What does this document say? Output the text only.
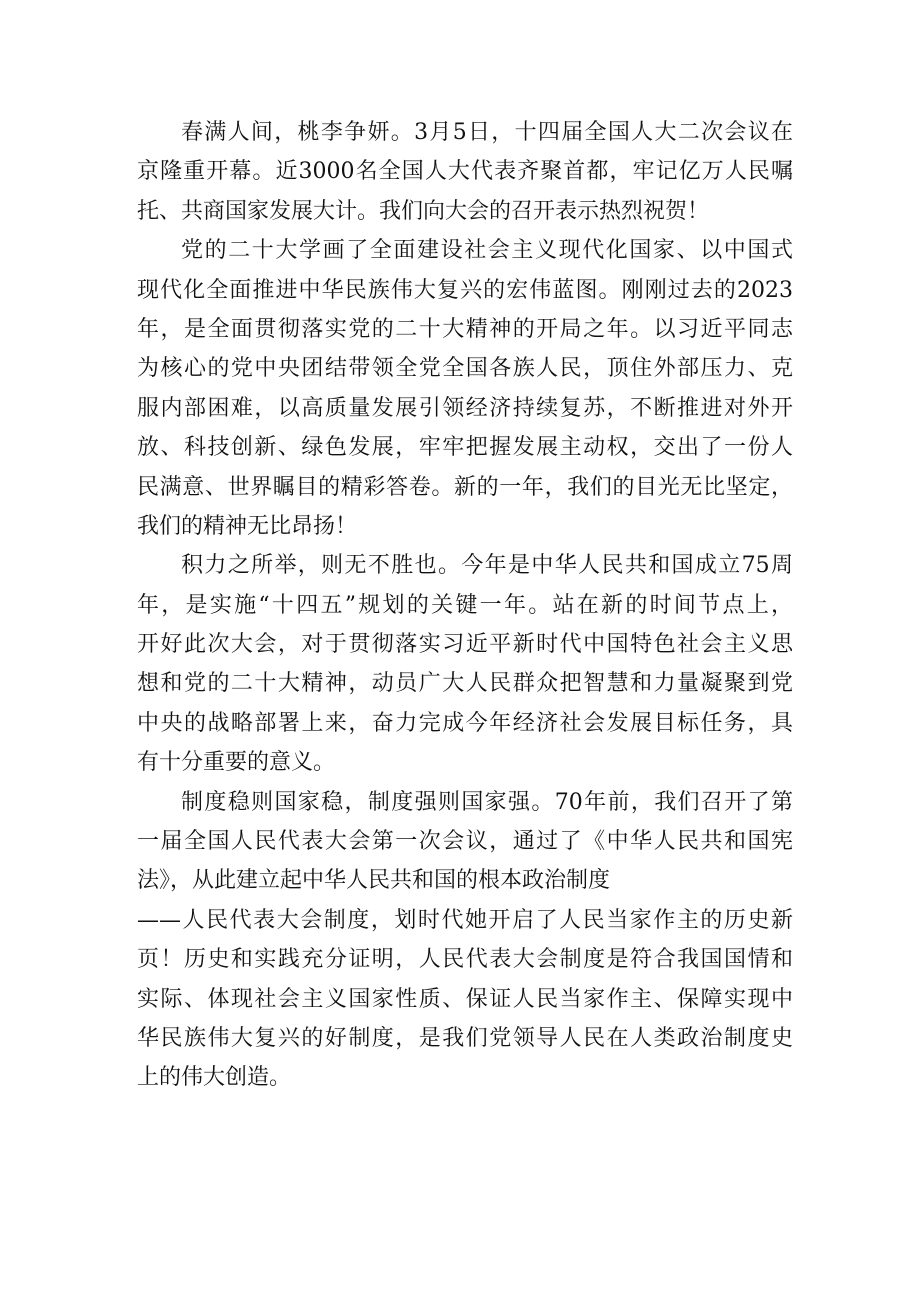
春满人间，桃李争妍。3月5日，十四届全国人大二次会议在
京隆重开幕。近3000名全国人大代表齐聚首都，牢记亿万人民嘱
托、共商国家发展大计。我们向大会的召开表示热烈祝贺！
党的二十大学画了全面建设社会主义现代化国家、以中国式
现代化全面推进中华民族伟大复兴的宏伟蓝图。刚刚过去的2023
年，是全面贯彻落实党的二十大精神的开局之年。以习近平同志
为核心的党中央团结带领全党全国各族人民，顶住外部压力、克
服内部困难，以高质量发展引领经济持续复苏，不断推进对外开
放、科技创新、绿色发展，牢牢把握发展主动权，交出了一份人
民满意、世界瞩目的精彩答卷。新的一年，我们的目光无比坚定，
我们的精神无比昂扬！
积力之所举，则无不胜也。今年是中华人民共和国成立75周
年，是实施“十四五”规划的关键一年。站在新的时间节点上，
开好此次大会，对于贯彻落实习近平新时代中国特色社会主义思
想和党的二十大精神，动员广大人民群众把智慧和力量凝聚到党
中央的战略部署上来，奋力完成今年经济社会发展目标任务，具
有十分重要的意义。
制度稳则国家稳，制度强则国家强。70年前，我们召开了第
一届全国人民代表大会第一次会议，通过了《中华人民共和国宪
法》，从此建立起中华人民共和国的根本政治制度
——人民代表大会制度，划时代她开启了人民当家作主的历史新
页！历史和实践充分证明，人民代表大会制度是符合我国国情和
实际、体现社会主义国家性质、保证人民当家作主、保障实现中
华民族伟大复兴的好制度，是我们党领导人民在人类政治制度史
上的伟大创造。
